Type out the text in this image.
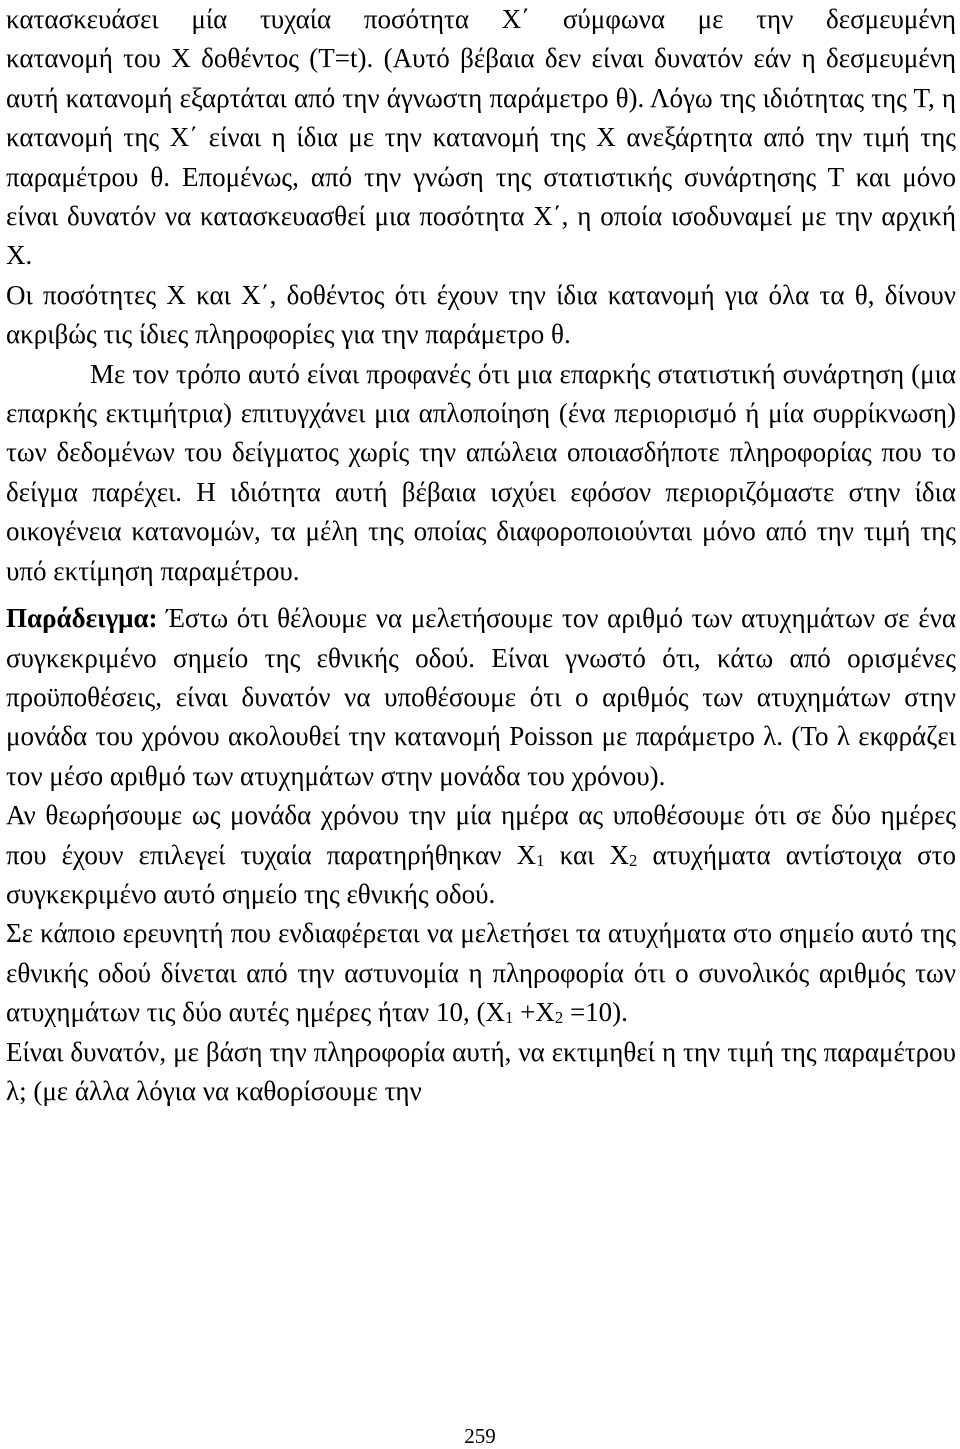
κατασκευάσει μία τυχαία ποσότητα Χ΄ σύμφωνα με την δεσμευμένη
κατανομή του Χ δοθέντος (Τ=t). (Αυτό βέβαια δεν είναι δυνατόν εάν η δεσμευμένη αυτή κατανομή εξαρτάται από την άγνωστη παράμετρο θ). Λόγω της ιδιότητας της Τ, η κατανομή της Χ΄ είναι η ίδια με την κατανομή της Χ ανεξάρτητα από την τιμή της παραμέτρου θ. Επομένως, από την γνώση της στατιστικής συνάρτησης Τ και μόνο είναι δυνατόν να κατασκευασθεί μια ποσότητα Χ΄, η οποία ισοδυναμεί με την αρχική Χ.

Οι ποσότητες Χ και Χ΄, δοθέντος ότι έχουν την ίδια κατανομή για όλα τα θ, δίνουν ακριβώς τις ίδιες πληροφορίες για την παράμετρο θ.

Με τον τρόπο αυτό είναι προφανές ότι μια επαρκής στατιστική συνάρτηση (μια επαρκής εκτιμήτρια) επιτυγχάνει μια απλοποίηση (ένα περιορισμό ή μία συρρίκνωση) των δεδομένων του δείγματος χωρίς την απώλεια οποιασδήποτε πληροφορίας που το δείγμα παρέχει. Η ιδιότητα αυτή βέβαια ισχύει εφόσον περιοριζόμαστε στην ίδια οικογένεια κατανομών, τα μέλη της οποίας διαφοροποιούνται μόνο από την τιμή της υπό εκτίμηση παραμέτρου.

Παράδειγμα: Έστω ότι θέλουμε να μελετήσουμε τον αριθμό των ατυχημάτων σε ένα συγκεκριμένο σημείο της εθνικής οδού. Είναι γνωστό ότι, κάτω από ορισμένες προϋποθέσεις, είναι δυνατόν να υποθέσουμε ότι ο αριθμός των ατυχημάτων στην μονάδα του χρόνου ακολουθεί την κατανομή Poisson με παράμετρο λ. (Το λ εκφράζει τον μέσο αριθμό των ατυχημάτων στην μονάδα του χρόνου).

Αν θεωρήσουμε ως μονάδα χρόνου την μία ημέρα ας υποθέσουμε ότι σε δύο ημέρες που έχουν επιλεγεί τυχαία παρατηρήθηκαν $X_1$ και $X_2$ ατυχήματα αντίστοιχα στο συγκεκριμένο αυτό σημείο της εθνικής οδού.

Σε κάποιο ερευνητή που ενδιαφέρεται να μελετήσει τα ατυχήματα στο σημείο αυτό της εθνικής οδού δίνεται από την αστυνομία η πληροφορία ότι ο συνολικός αριθμός των ατυχημάτων τις δύο αυτές ημέρες ήταν 10, $(X_1 +X_2 =10)$.

Είναι δυνατόν, με βάση την πληροφορία αυτή, να εκτιμηθεί η την τιμή της παραμέτρου λ; (με άλλα λόγια να καθορίσουμε την

259
